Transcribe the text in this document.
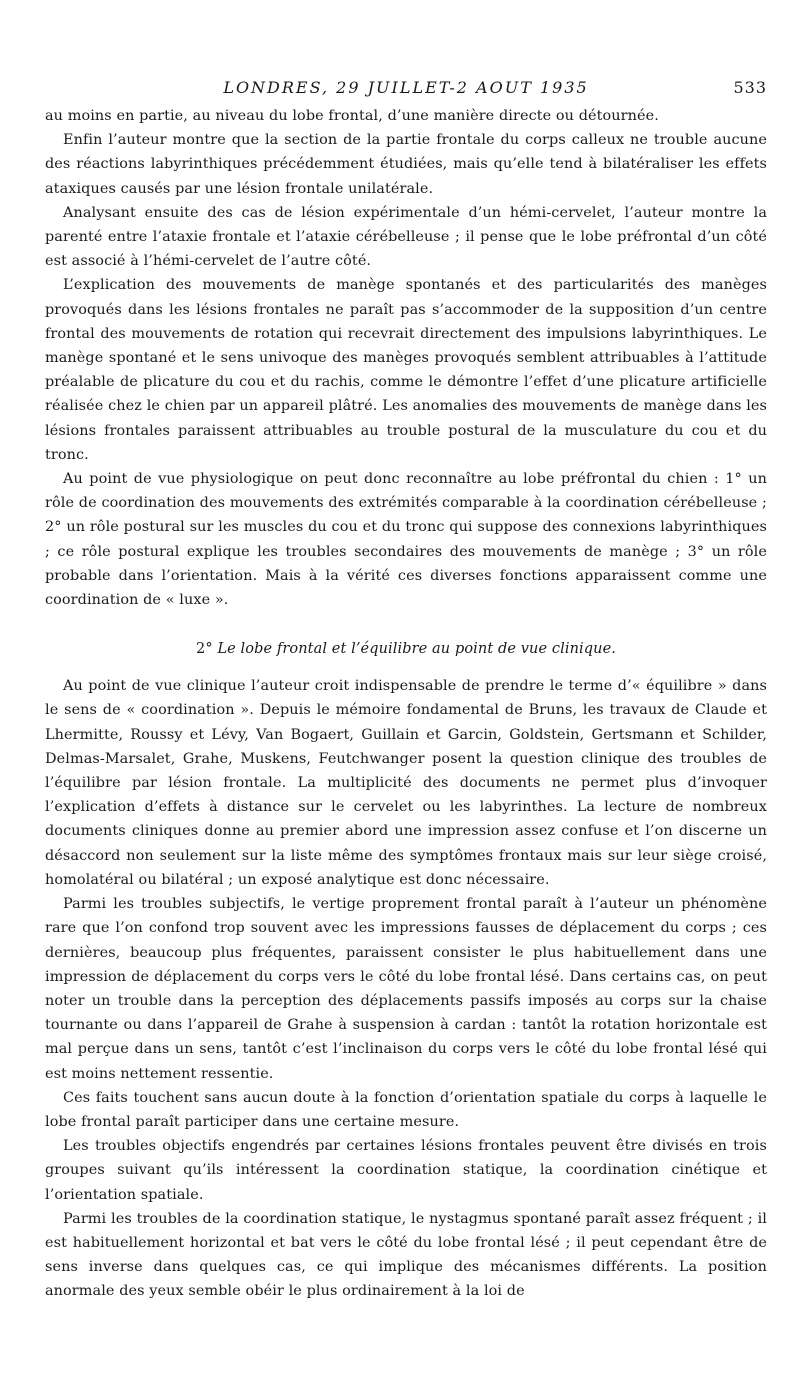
LONDRES, 29 JUILLET-2 AOUT 1935	533

au moins en partie, au niveau du lobe frontal, d’une manière directe ou détournée.

Enfin l’auteur montre que la section de la partie frontale du corps calleux ne trouble aucune des réactions labyrinthiques précédemment étudiées, mais qu’elle tend à bilatéraliser les effets ataxiques causés par une lésion frontale unilatérale.

Analysant ensuite des cas de lésion expérimentale d’un hémi-cervelet, l’auteur montre la parenté entre l’ataxie frontale et l’ataxie cérébelleuse ; il pense que le lobe préfrontal d’un côté est associé à l’hémi-cervelet de l’autre côté.

L’explication des mouvements de manège spontanés et des particularités des manèges provoqués dans les lésions frontales ne paraît pas s’accommoder de la supposition d’un centre frontal des mouvements de rotation qui recevrait directement des impulsions labyrinthiques. Le manège spontané et le sens univoque des manèges provoqués semblent attribuables à l’attitude préalable de plicature du cou et du rachis, comme le démontre l’effet d’une plicature artificielle réalisée chez le chien par un appareil plâtré. Les anomalies des mouvements de manège dans les lésions frontales paraissent attribuables au trouble postural de la musculature du cou et du tronc.

Au point de vue physiologique on peut donc reconnaître au lobe préfrontal du chien : 1° un rôle de coordination des mouvements des extrémités comparable à la coordination cérébelleuse ; 2° un rôle postural sur les muscles du cou et du tronc qui suppose des connexions labyrinthiques ; ce rôle postural explique les troubles secondaires des mouvements de manège ; 3° un rôle probable dans l’orientation. Mais à la vérité ces diverses fonctions apparaissent comme une coordination de « luxe ».

2° Le lobe frontal et l’équilibre au point de vue clinique.

Au point de vue clinique l’auteur croit indispensable de prendre le terme d’« équilibre » dans le sens de « coordination ». Depuis le mémoire fondamental de Bruns, les travaux de Claude et Lhermitte, Roussy et Lévy, Van Bogaert, Guillain et Garcin, Goldstein, Gertsmann et Schilder, Delmas-Marsalet, Grahe, Muskens, Feutchwanger posent la question clinique des troubles de l’équilibre par lésion frontale. La multiplicité des documents ne permet plus d’invoquer l’explication d’effets à distance sur le cervelet ou les labyrinthes. La lecture de nombreux documents cliniques donne au premier abord une impression assez confuse et l’on discerne un désaccord non seulement sur la liste même des symptômes frontaux mais sur leur siège croisé, homolatéral ou bilatéral ; un exposé analytique est donc nécessaire.

Parmi les troubles subjectifs, le vertige proprement frontal paraît à l’auteur un phénomène rare que l’on confond trop souvent avec les impressions fausses de déplacement du corps ; ces dernières, beaucoup plus fréquentes, paraissent consister le plus habituellement dans une impression de déplacement du corps vers le côté du lobe frontal lésé. Dans certains cas, on peut noter un trouble dans la perception des déplacements passifs imposés au corps sur la chaise tournante ou dans l’appareil de Grahe à suspension à cardan : tantôt la rotation horizontale est mal perçue dans un sens, tantôt c’est l’inclinaison du corps vers le côté du lobe frontal lésé qui est moins nettement ressentie.

Ces faits touchent sans aucun doute à la fonction d’orientation spatiale du corps à laquelle le lobe frontal paraît participer dans une certaine mesure.

Les troubles objectifs engendrés par certaines lésions frontales peuvent être divisés en trois groupes suivant qu’ils intéressent la coordination statique, la coordination cinétique et l’orientation spatiale.

Parmi les troubles de la coordination statique, le nystagmus spontané paraît assez fréquent ; il est habituellement horizontal et bat vers le côté du lobe frontal lésé ; il peut cependant être de sens inverse dans quelques cas, ce qui implique des mécanismes différents. La position anormale des yeux semble obéir le plus ordinairement à la loi de
